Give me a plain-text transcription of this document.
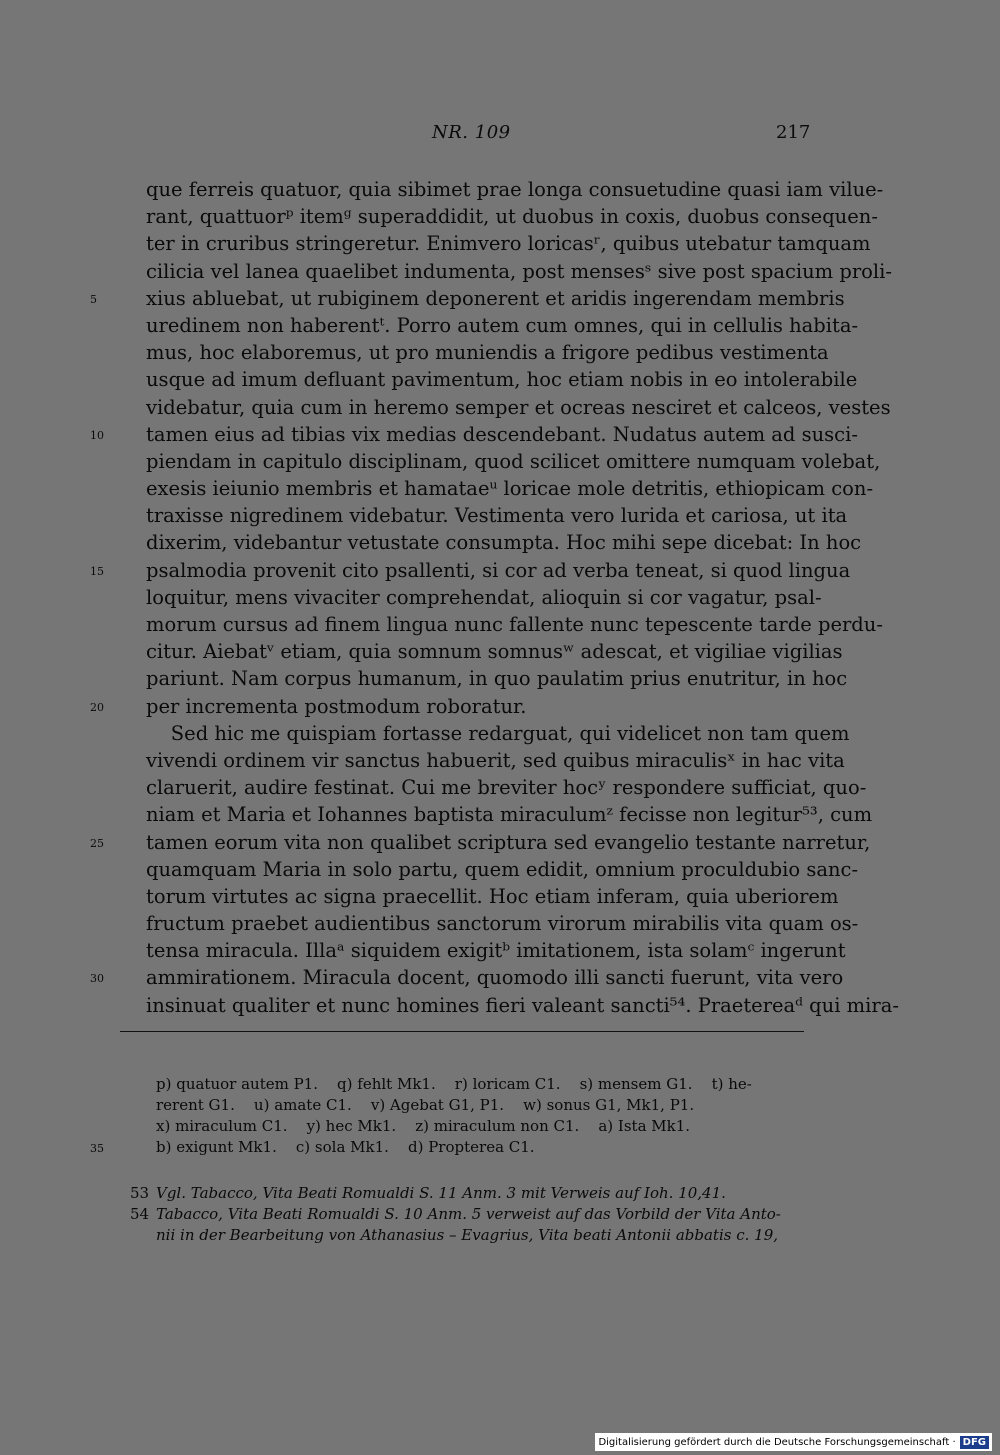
NR. 109	217
que ferreis quatuor, quia sibimet prae longa consuetudine quasi iam vilue-
rant, quattuorᵖ itemᵍ superaddidit, ut duobus in coxis, duobus consequen-
ter in cruribus stringeretur. Enimvero loricasʳ, quibus utebatur tamquam
cilicia vel lanea quaelibet indumenta, post mensesˢ sive post spacium proli-
5	xius abluebat, ut rubiginem deponerent et aridis ingerendam membris
uredinem non haberentᵗ. Porro autem cum omnes, qui in cellulis habita-
mus, hoc elaboremus, ut pro muniendis a frigore pedibus vestimenta
usque ad imum defluant pavimentum, hoc etiam nobis in eo intolerabile
videbatur, quia cum in heremo semper et ocreas nesciret et calceos, vestes
10	tamen eius ad tibias vix medias descendebant. Nudatus autem ad susci-
piendam in capitulo disciplinam, quod scilicet omittere numquam volebat,
exesis ieiunio membris et hamataeᵘ loricae mole detritis, ethiopicam con-
traxisse nigredinem videbatur. Vestimenta vero lurida et cariosa, ut ita
dixerim, videbantur vetustate consumpta. Hoc mihi sepe dicebat: In hoc
15	psalmodia provenit cito psallenti, si cor ad verba teneat, si quod lingua
loquitur, mens vivaciter comprehendat, alioquin si cor vagatur, psal-
morum cursus ad finem lingua nunc fallente nunc tepescente tarde perdu-
citur. Aiebatᵛ etiam, quia somnum somnusʷ adescat, et vigiliae vigilias
pariunt. Nam corpus humanum, in quo paulatim prius enutritur, in hoc
20	per incrementa postmodum roboratur.
Sed hic me quispiam fortasse redarguat, qui videlicet non tam quem
vivendi ordinem vir sanctus habuerit, sed quibus miraculisˣ in hac vita
claruerit, audire festinat. Cui me breviter hocʸ respondere sufficiat, quo-
niam et Maria et Iohannes baptista miraculumᶻ fecisse non legitur⁵³, cum
25	tamen eorum vita non qualibet scriptura sed evangelio testante narretur,
quamquam Maria in solo partu, quem edidit, omnium proculdubio sanc-
torum virtutes ac signa praecellit. Hoc etiam inferam, quia uberiorem
fructum praebet audientibus sanctorum virorum mirabilis vita quam os-
tensa miracula. Illaᵃ siquidem exigitᵇ imitationem, ista solamᶜ ingerunt
30	ammirationem. Miracula docent, quomodo illi sancti fuerunt, vita vero
insinuat qualiter et nunc homines fieri valeant sancti⁵⁴. Praetereaᵈ qui mira-
p) quatuor autem P1.    q) fehlt Mk1.    r) loricam C1.    s) mensem G1.    t) he-
rerent G1.    u) amate C1.    v) Agebat G1, P1.    w) sonus G1, Mk1, P1.
x) miraculum C1.    y) hec Mk1.    z) miraculum non C1.    a) Ista Mk1.
35	b) exigunt Mk1.    c) sola Mk1.    d) Propterea C1.
53 Vgl. Tabacco, Vita Beati Romualdi S. 11 Anm. 3 mit Verweis auf Ioh. 10,41.
54 Tabacco, Vita Beati Romualdi S. 10 Anm. 5 verweist auf das Vorbild der Vita Anto-
nii in der Bearbeitung von Athanasius – Evagrius, Vita beati Antonii abbatis c. 19,
Digitalisierung gefördert durch die Deutsche Forschungsgemeinschaft · DFG
